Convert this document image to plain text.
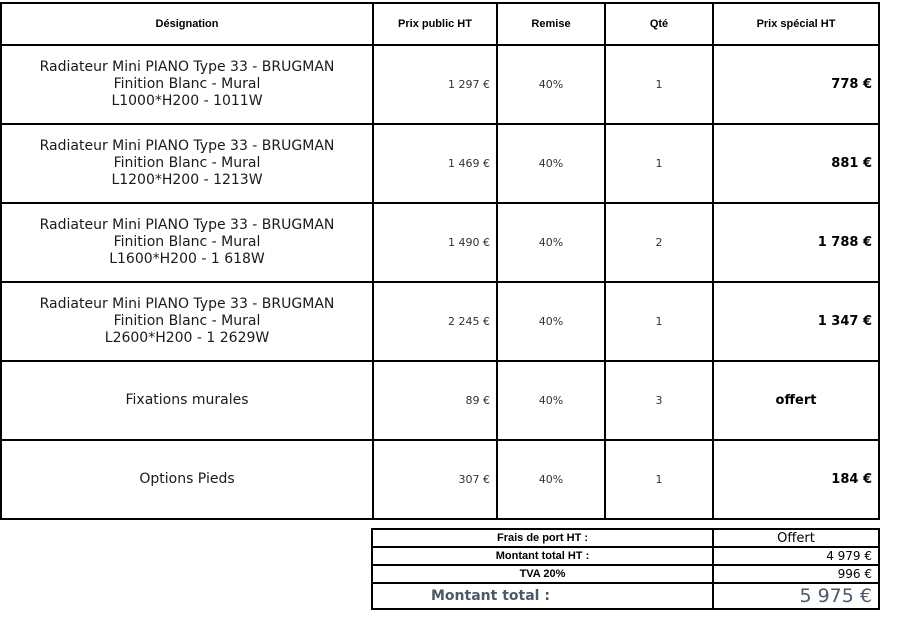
Désignation	Prix public HT	Remise	Qté	Prix spécial HT

Radiateur Mini PIANO Type 33 - BRUGMAN
Finition Blanc - Mural
L1000*H200 - 1011W	1 297 €	40%	1	778 €

Radiateur Mini PIANO Type 33 - BRUGMAN
Finition Blanc - Mural
L1200*H200 - 1213W	1 469 €	40%	1	881 €

Radiateur Mini PIANO Type 33 - BRUGMAN
Finition Blanc - Mural
L1600*H200 - 1 618W	1 490 €	40%	2	1 788 €

Radiateur Mini PIANO Type 33 - BRUGMAN
Finition Blanc - Mural
L2600*H200 - 1 2629W	2 245 €	40%	1	1 347 €

Fixations murales	89 €	40%	3	offert

Options Pieds	307 €	40%	1	184 €
Frais de port HT :	Offert
Montant total HT :	4 979 €
TVA 20%	996 €
Montant total :	5 975 €
